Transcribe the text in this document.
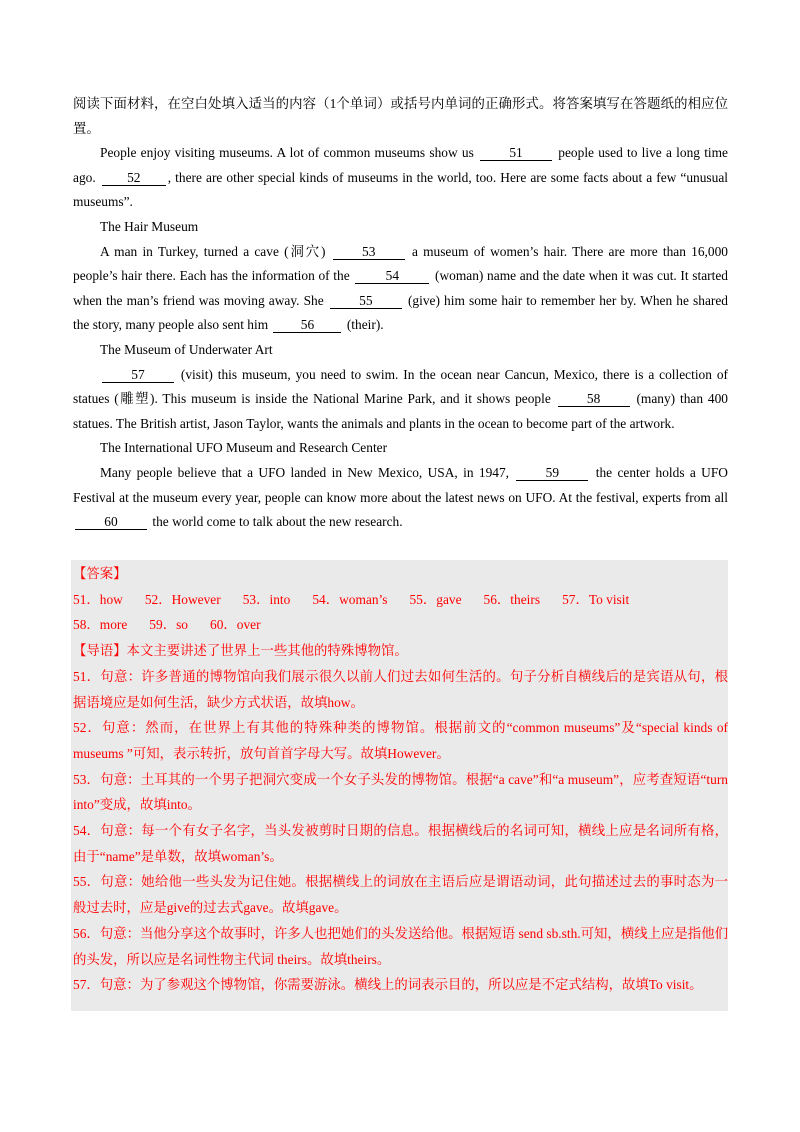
阅读下面材料，在空白处填入适当的内容（1个单词）或括号内单词的正确形式。将答案填写在答题纸的相应位置。

People enjoy visiting museums. A lot of common museums show us	51	people used to live a long time ago. 52 , there are other special kinds of museums in the world, too. Here are some facts about a few “unusual museums”.

The Hair Museum

A man in Turkey, turned a cave (洞穴)	53	a museum of women’s hair. There are more than 16,000 people’s hair there. Each has the information of the	54	(woman) name and the date when it was cut. It started when the man’s friend was moving away. She	55	(give) him some hair to remember her by. When he shared the story, many people also sent him 56 (their).

The Museum of Underwater Art

57	(visit) this museum, you need to swim. In the ocean near Cancun, Mexico, there is a collection of statues (雕塑). This museum is inside the National Marine Park, and it shows people	58	(many) than 400 statues. The British artist, Jason Taylor, wants the animals and plants in the ocean to become part of the artwork.

The International UFO Museum and Research Center

Many people believe that a UFO landed in New Mexico, USA, in 1947,	59	the center holds a UFO Festival at the museum every year, people can know more about the latest news on UFO. At the festival, experts from all 60	the world come to talk about the new research.

【答案】

51．how 52．However 53．into 54．woman’s 55．gave 56．theirs 57．To visit

58．more 59．so 60．over

【导语】本文主要讲述了世界上一些其他的特殊博物馆。

51．句意：许多普通的博物馆向我们展示很久以前人们过去如何生活的。句子分析自横线后的是宾语从句，根据语境应是如何生活，缺少方式状语，故填how。

52．句意：然而，在世界上有其他的特殊种类的博物馆。根据前文的“common museums”及“special kinds of museums ”可知，表示转折，放句首首字母大写。故填However。

53．句意：土耳其的一个男子把洞穴变成一个女子头发的博物馆。根据“a cave”和“a museum”，应考查短语“turn into”变成，故填into。

54．句意：每一个有女子名字，当头发被剪时日期的信息。根据横线后的名词可知，横线上应是名词所有格，由于“name”是单数，故填woman’s。

55．句意：她给他一些头发为记住她。根据横线上的词放在主语后应是谓语动词，此句描述过去的事时态为一般过去时，应是give的过去式gave。故填gave。

56．句意：当他分享这个故事时，许多人也把她们的头发送给他。根据短语 send sb.sth.可知，横线上应是指他们的头发，所以应是名词性物主代词 theirs。故填theirs。

57．句意：为了参观这个博物馆，你需要游泳。横线上的词表示目的，所以应是不定式结构，故填To visit。
